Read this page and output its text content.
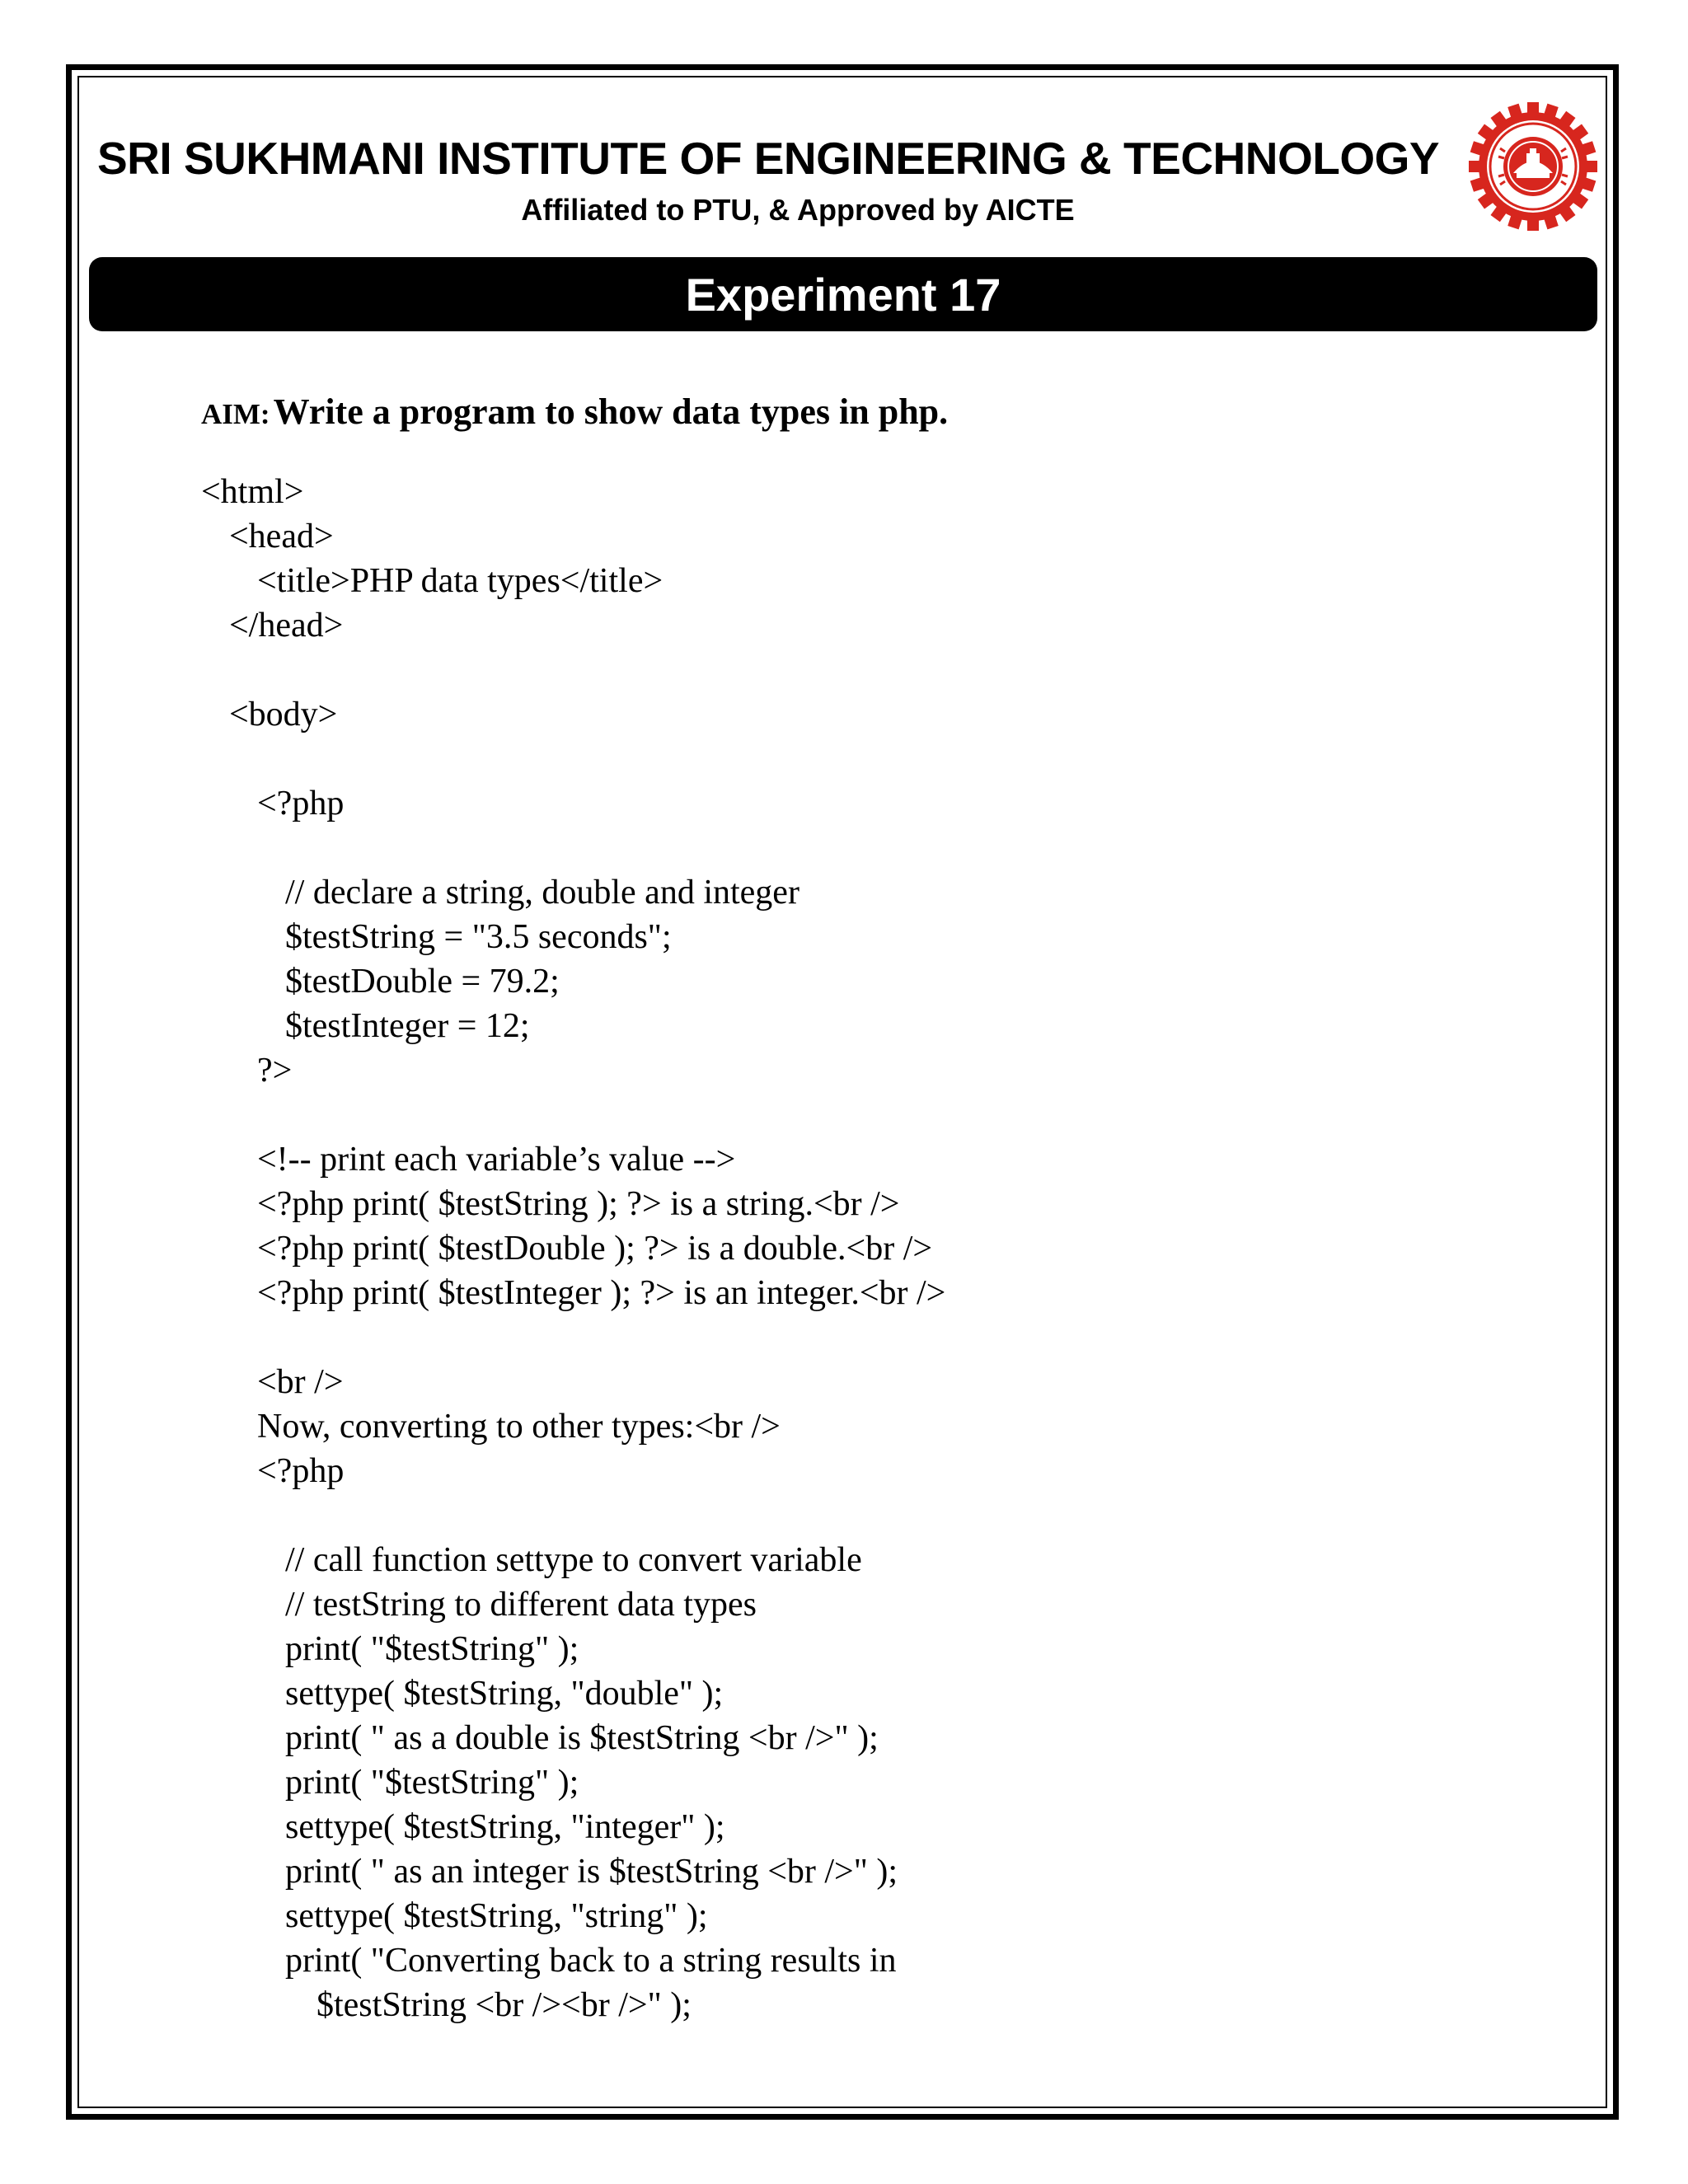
SRI SUKHMANI INSTITUTE OF ENGINEERING & TECHNOLOGY
Affiliated to PTU, & Approved by AICTE
Experiment 17
AIM: Write a program to show data types in php.
<html>
<head>
<title>PHP data types</title>
</head>
<body>
<?php
// declare a string, double and integer
$testString = "3.5 seconds";
$testDouble = 79.2;
$testInteger = 12;
?>
<!-- print each variable’s value -->
<?php print( $testString ); ?> is a string.<br />
<?php print( $testDouble ); ?> is a double.<br />
<?php print( $testInteger ); ?> is an integer.<br />
<br />
Now, converting to other types:<br />
<?php
// call function settype to convert variable
// testString to different data types
print( "$testString" );
settype( $testString, "double" );
print( " as a double is $testString <br />" );
print( "$testString" );
settype( $testString, "integer" );
print( " as an integer is $testString <br />" );
settype( $testString, "string" );
print( "Converting back to a string results in
$testString <br /><br />" );
